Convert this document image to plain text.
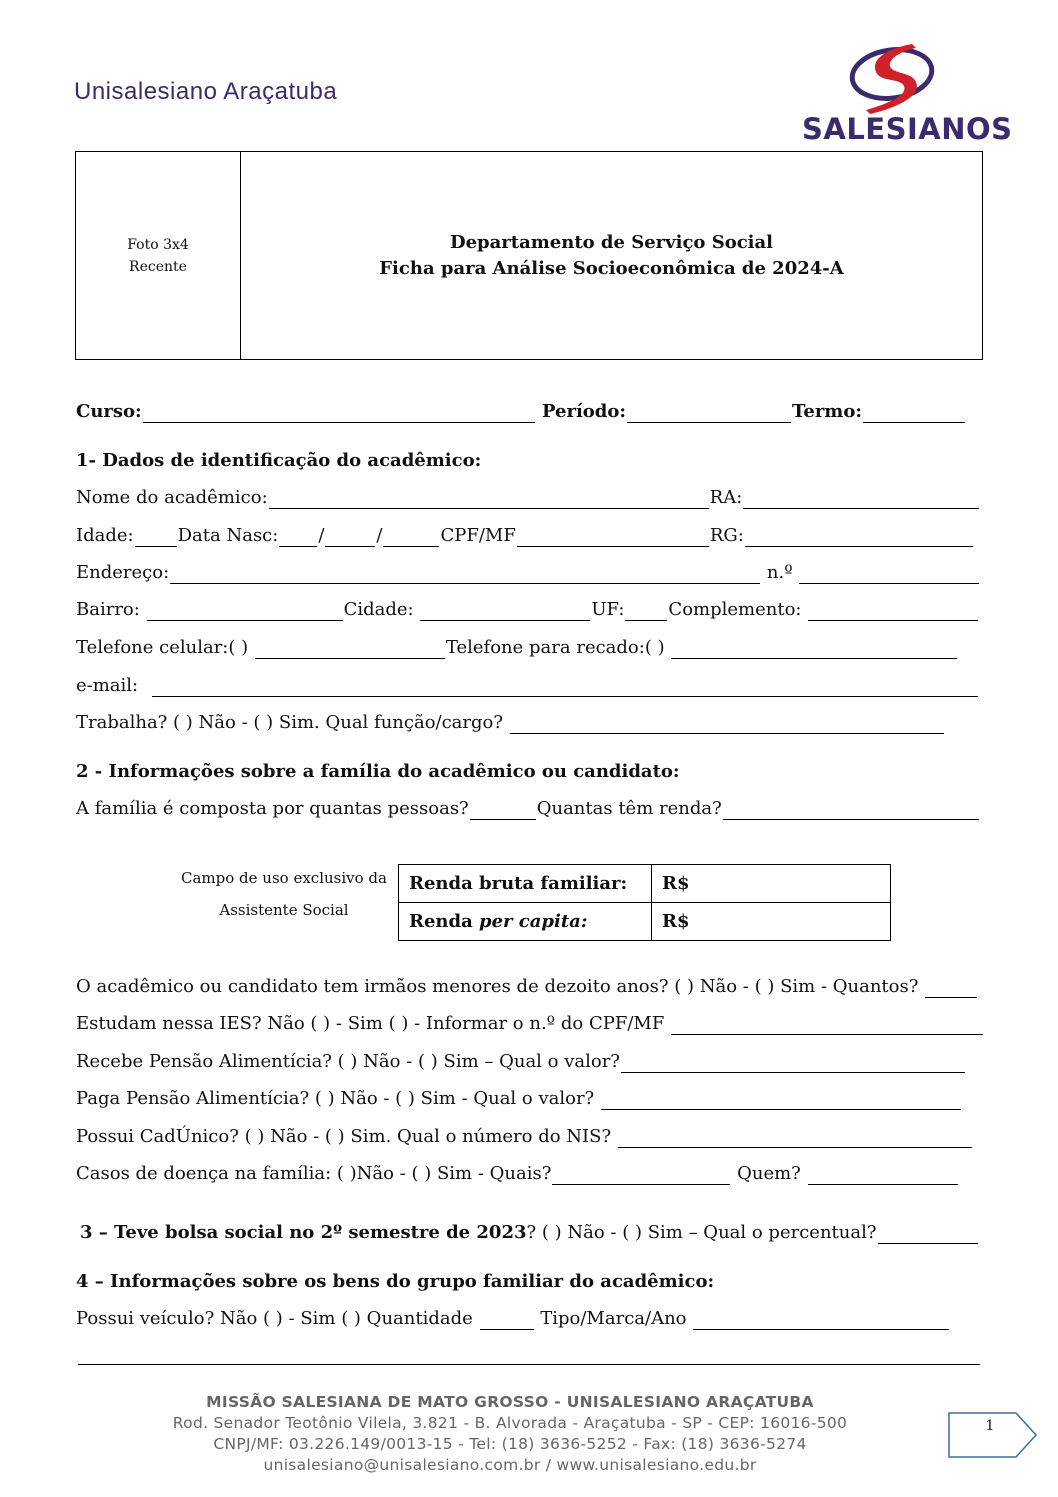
Unisalesiano Araçatuba
SALESIANOS
Foto 3x4
Recente
Departamento de Serviço Social
Ficha para Análise Socioeconômica de 2024-A
Curso:	Período:	Termo:
1- Dados de identificação do acadêmico:
Nome do acadêmico:	RA:
Idade: Data Nasc: /	/	CPF/MF	RG:
Endereço:	n.º
Bairro:	Cidade:	UF: Complemento:
Telefone celular:( )	Telefone para recado:( )
e-mail:
Trabalha? ( ) Não - ( ) Sim. Qual função/cargo?
2 - Informações sobre a família do acadêmico ou candidato:
A família é composta por quantas pessoas?	Quantas têm renda?
Campo de uso exclusivo da
Assistente Social
Renda bruta familiar:	R$
Renda per capita:	R$
O acadêmico ou candidato tem irmãos menores de dezoito anos? ( ) Não - ( ) Sim - Quantos?
Estudam nessa IES? Não ( ) - Sim ( ) - Informar o n.º do CPF/MF
Recebe Pensão Alimentícia? ( ) Não - ( ) Sim – Qual o valor?
Paga Pensão Alimentícia? ( ) Não - ( ) Sim - Qual o valor?
Possui CadÚnico? ( ) Não - ( ) Sim. Qual o número do NIS?
Casos de doença na família: ( )Não - ( ) Sim - Quais?	Quem?
3 – Teve bolsa social no 2º semestre de 2023? ( ) Não - ( ) Sim – Qual o percentual?
4 – Informações sobre os bens do grupo familiar do acadêmico:
Possui veículo? Não ( ) - Sim ( ) Quantidade	Tipo/Marca/Ano
MISSÃO SALESIANA DE MATO GROSSO - UNISALESIANO ARAÇATUBA
Rod. Senador Teotônio Vilela, 3.821 - B. Alvorada - Araçatuba - SP - CEP: 16016-500
CNPJ/MF: 03.226.149/0013-15 - Tel: (18) 3636-5252 - Fax: (18) 3636-5274
unisalesiano@unisalesiano.com.br / www.unisalesiano.edu.br
1
